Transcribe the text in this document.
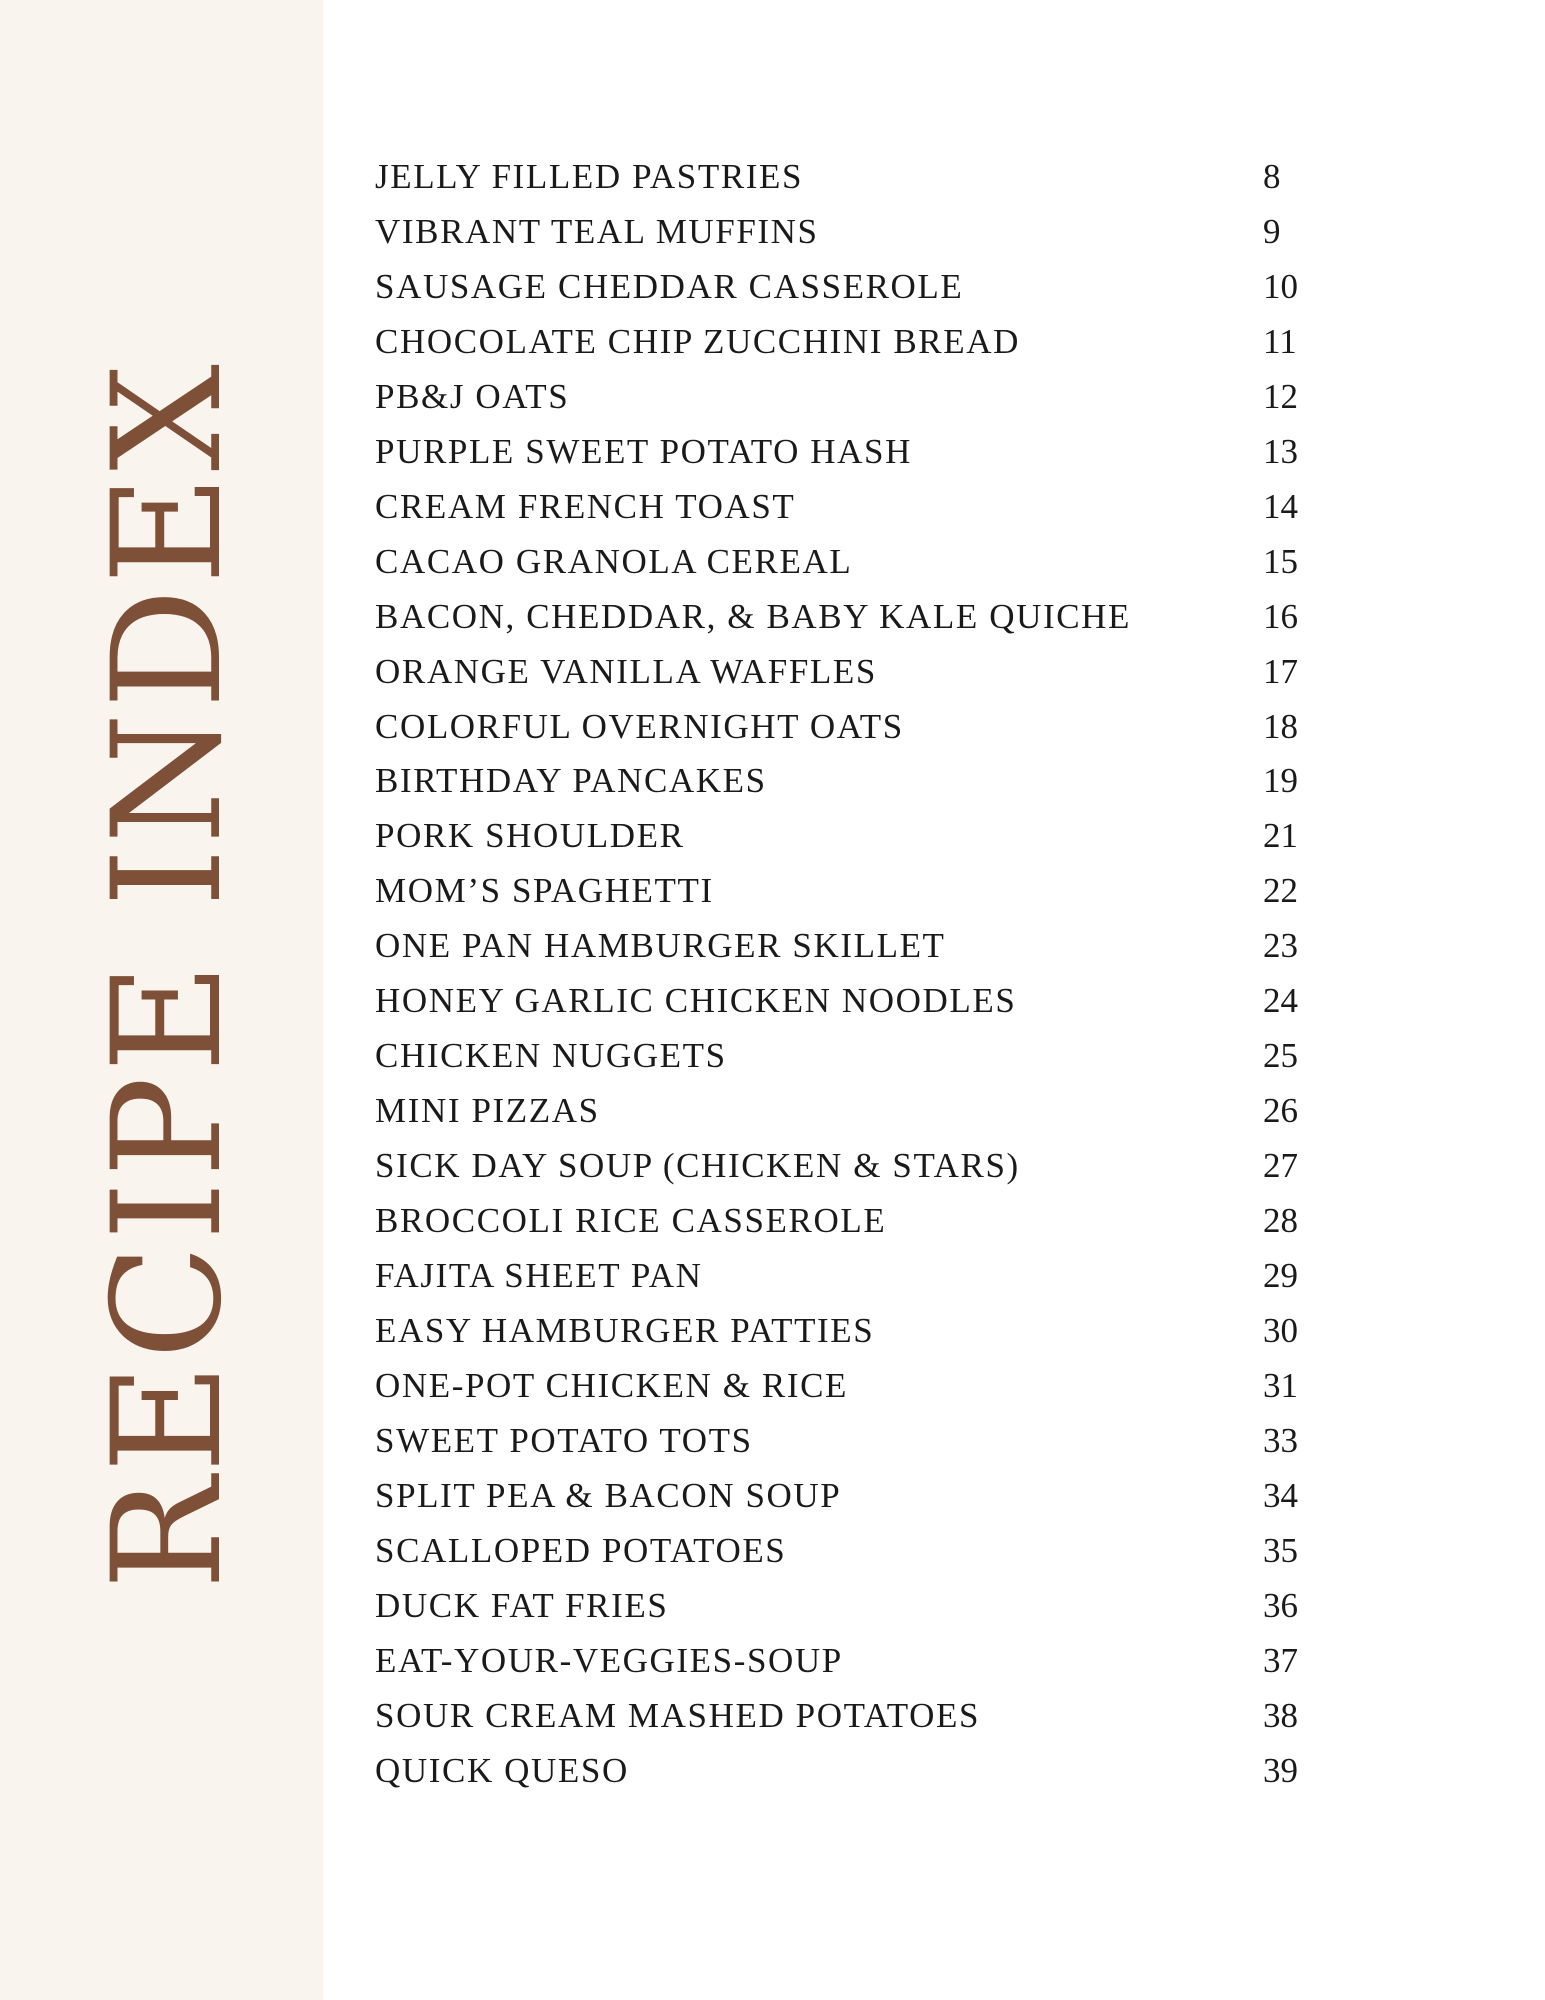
RECIPE INDEX
JELLY FILLED PASTRIES	8
VIBRANT TEAL MUFFINS	9
SAUSAGE CHEDDAR CASSEROLE	10
CHOCOLATE CHIP ZUCCHINI BREAD	11
PB&J OATS	12
PURPLE SWEET POTATO HASH	13
CREAM FRENCH TOAST	14
CACAO GRANOLA CEREAL	15
BACON, CHEDDAR, & BABY KALE QUICHE	16
ORANGE VANILLA WAFFLES	17
COLORFUL OVERNIGHT OATS	18
BIRTHDAY PANCAKES	19
PORK SHOULDER	21
MOM’S SPAGHETTI	22
ONE PAN HAMBURGER SKILLET	23
HONEY GARLIC CHICKEN NOODLES	24
CHICKEN NUGGETS	25
MINI PIZZAS	26
SICK DAY SOUP (CHICKEN & STARS)	27
BROCCOLI RICE CASSEROLE	28
FAJITA SHEET PAN	29
EASY HAMBURGER PATTIES	30
ONE-POT CHICKEN & RICE	31
SWEET POTATO TOTS	33
SPLIT PEA & BACON SOUP	34
SCALLOPED POTATOES	35
DUCK FAT FRIES	36
EAT-YOUR-VEGGIES-SOUP	37
SOUR CREAM MASHED POTATOES	38
QUICK QUESO	39
